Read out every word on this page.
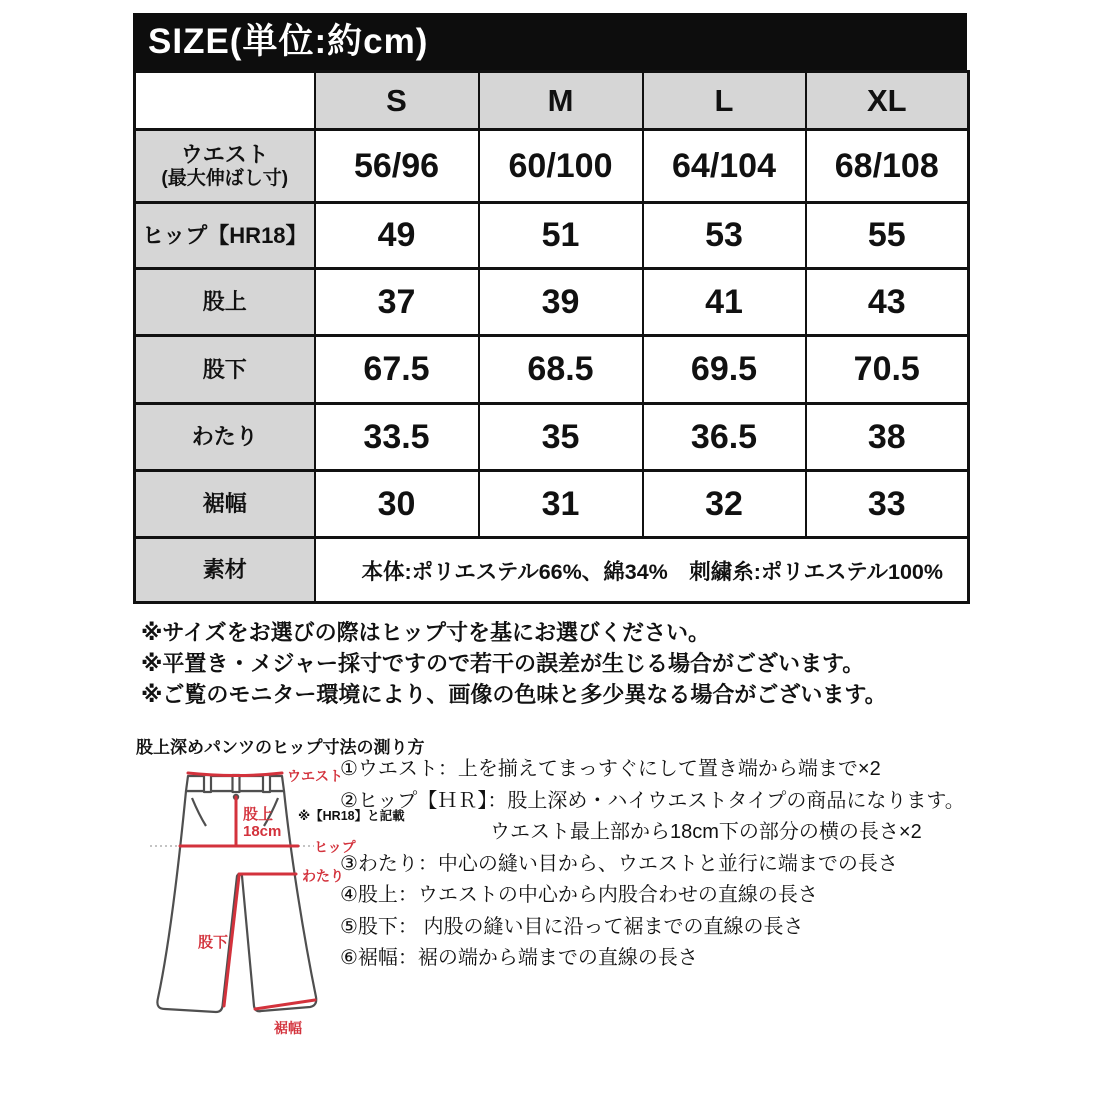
SIZE(単位:約cm)
	S	M	L	XL
ウエスト
(最大伸ばし寸)	56/96	60/100	64/104	68/108
ヒップ【HR18】	49	51	53	55
股上	37	39	41	43
股下	67.5	68.5	69.5	70.5
わたり	33.5	35	36.5	38
裾幅	30	31	32	33
素材	本体:ポリエステル66%、綿34%　刺繍糸:ポリエステル100%			
※サイズをお選びの際はヒップ寸を基にお選びください。
※平置き・メジャー採寸ですので若干の誤差が生じる場合がございます。
※ご覧のモニター環境により、画像の色味と多少異なる場合がございます。
股上深めパンツのヒップ寸法の測り方
ウエスト
股上
18cm
ヒップ
わたり
股下
裾幅
※【HR18】と記載
①ウエスト：上を揃えてまっすぐにして置き端から端まで×2
②ヒップ【ＨＲ】：股上深め・ハイウエストタイプの商品になります。
ウエスト最上部から18cm下の部分の横の長さ×2
③わたり：中心の縫い目から、ウエストと並行に端までの長さ
④股上：ウエストの中心から内股合わせの直線の長さ
⑤股下： 内股の縫い目に沿って裾までの直線の長さ
⑥裾幅：裾の端から端までの直線の長さ
